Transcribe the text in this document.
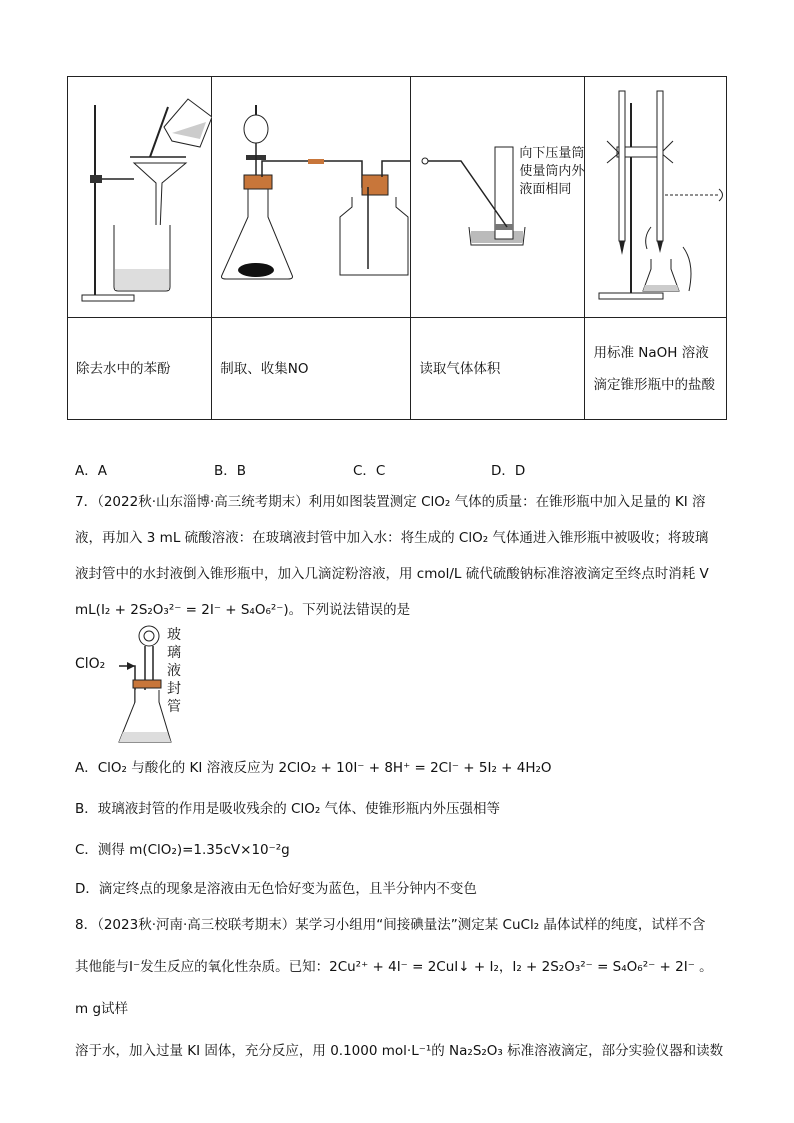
向下压量筒使量筒内外液面相同

除去水中的苯酚	制取、收集NO	读取气体体积	用标准 NaOH 溶液滴定锥形瓶中的盐酸
A．A	B．B	C．C	D．D
7．（2022秋·山东淄博·高三统考期末）利用如图装置测定 ClO₂ 气体的质量：在锥形瓶中加入足量的 KI 溶
液，再加入 3 mL 硫酸溶液：在玻璃液封管中加入水：将生成的 ClO₂ 气体通进入锥形瓶中被吸收；将玻璃
液封管中的水封液倒入锥形瓶中，加入几滴淀粉溶液，用 cmol/L 硫代硫酸钠标准溶液滴定至终点时消耗 V
mL(I₂ + 2S₂O₃²⁻ = 2I⁻ + S₄O₆²⁻)。下列说法错误的是
ClO₂
玻璃液封管
A．ClO₂ 与酸化的 KI 溶液反应为 2ClO₂ + 10I⁻ + 8H⁺ = 2Cl⁻ + 5I₂ + 4H₂O
B．玻璃液封管的作用是吸收残余的 ClO₂ 气体、使锥形瓶内外压强相等
C．测得 m(ClO₂)=1.35cV×10⁻²g
D．滴定终点的现象是溶液由无色恰好变为蓝色，且半分钟内不变色
8．（2023秋·河南·高三校联考期末）某学习小组用“间接碘量法”测定某 CuCl₂ 晶体试样的纯度，试样不含
其他能与I⁻发生反应的氧化性杂质。已知：2Cu²⁺ + 4I⁻ = 2CuI↓ + I₂，I₂ + 2S₂O₃²⁻ = S₄O₆²⁻ + 2I⁻ 。m g试样
溶于水，加入过量 KI 固体，充分反应，用 0.1000 mol·L⁻¹的 Na₂S₂O₃ 标准溶液滴定，部分实验仪器和读数
